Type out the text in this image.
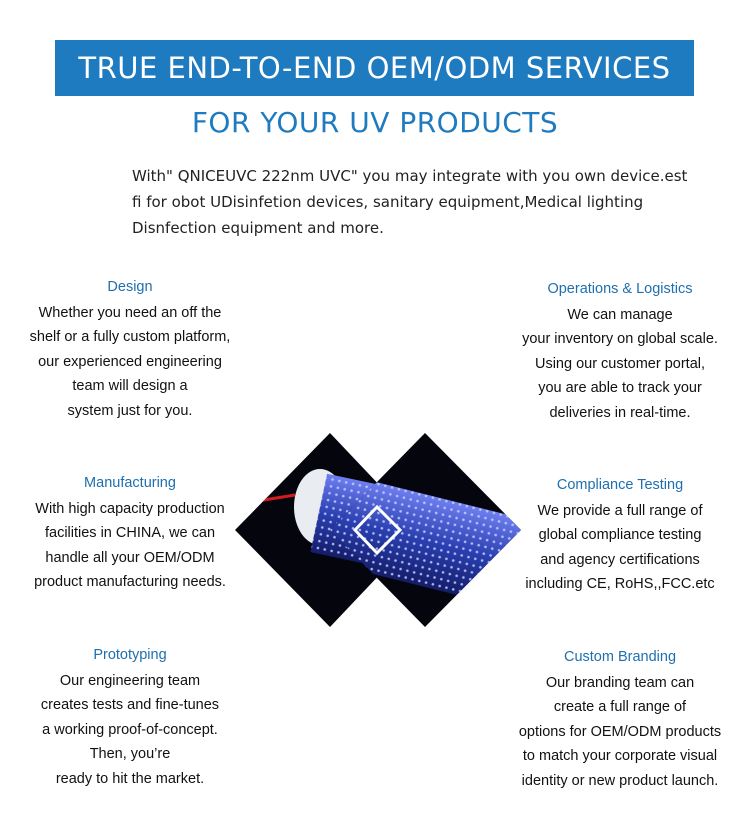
TRUE END-TO-END OEM/ODM SERVICES
FOR YOUR UV PRODUCTS
With" QNICEUVC 222nm UVC" you may integrate with you own device.est
fi for obot UDisinfetion devices, sanitary equipment,Medical lighting
Disnfection equipment and more.
Design
Whether you need an off the
shelf or a fully custom platform,
our experienced engineering
team will design a
system just for you.
Operations & Logistics
We can manage
your inventory on global scale.
Using our customer portal,
you are able to track your
deliveries in real-time.
Manufacturing
With high capacity production
facilities in CHINA, we can
handle all your OEM/ODM
product manufacturing needs.
Compliance Testing
We provide a full range of
global compliance testing
and agency certifications
including CE, RoHS,,FCC.etc
Prototyping
Our engineering team
creates tests and fine-tunes
a working proof-of-concept.
Then, you’re
ready to hit the market.
Custom Branding
Our branding team can
create a full range of
options for OEM/ODM products
to match your corporate visual
identity or new product launch.
